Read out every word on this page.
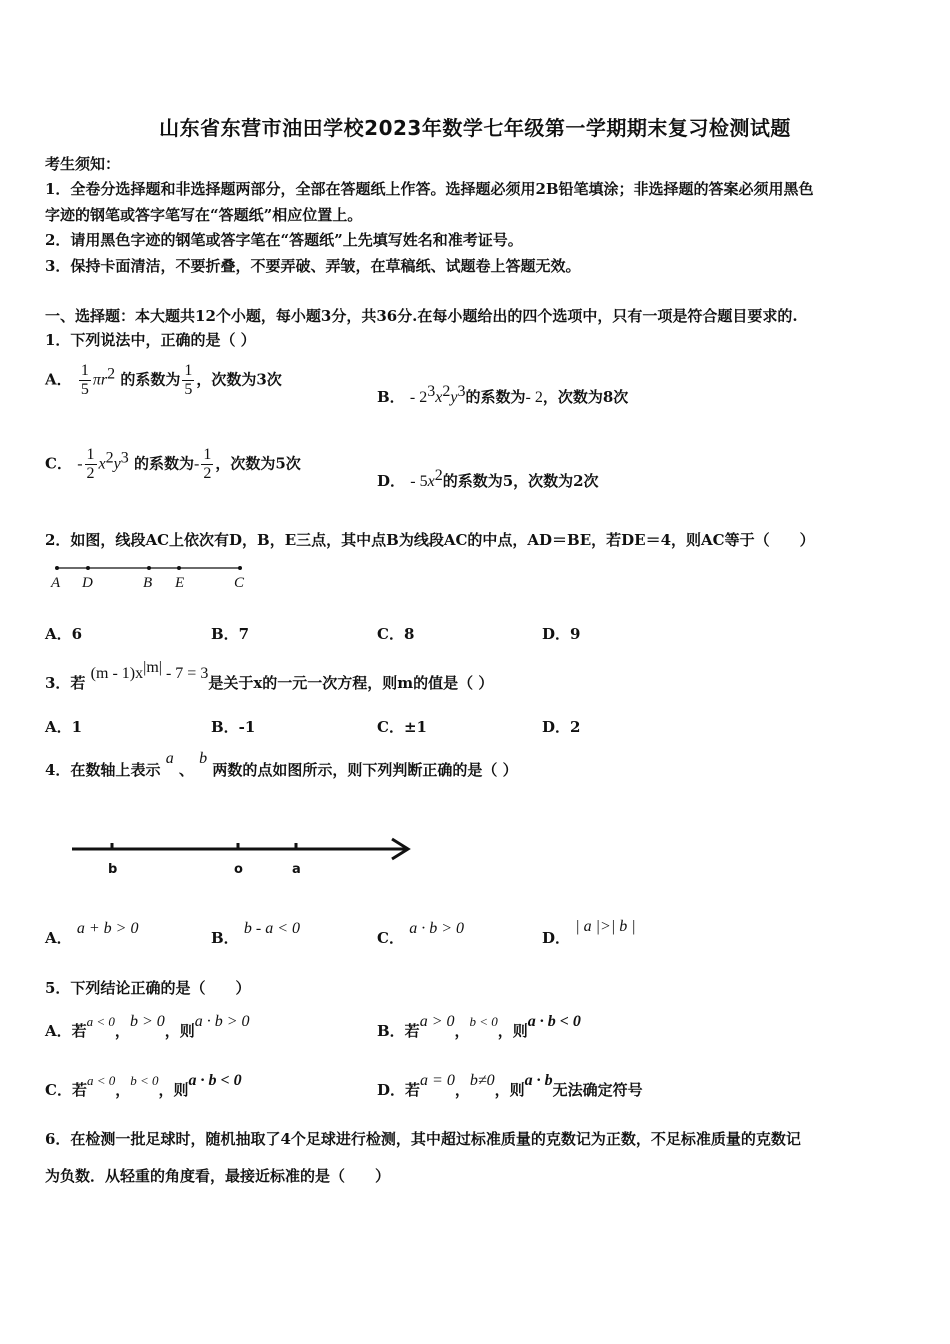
山东省东营市油田学校2023年数学七年级第一学期期末复习检测试题
考生须知：
1．全卷分选择题和非选择题两部分，全部在答题纸上作答。选择题必须用2B铅笔填涂；非选择题的答案必须用黑色
字迹的钢笔或答字笔写在“答题纸”相应位置上。
2．请用黑色字迹的钢笔或答字笔在“答题纸”上先填写姓名和准考证号。
3．保持卡面清洁，不要折叠，不要弄破、弄皱，在草稿纸、试题卷上答题无效。
一、选择题：本大题共12个小题，每小题3分，共36分.在每小题给出的四个选项中，只有一项是符合题目要求的.
1．下列说法中，正确的是（ ）
A． $\frac{1}{5} \pi r^2$ 的系数为 $\frac{1}{5}$ ，次数为3次
B． - $2^3x^2y^3$的系数为- 2，次数为8次
C． - $\frac{1}{2} x^2y^3$ 的系数为- $\frac{1}{2}$ ，次数为5次
D． - $5x^2$的系数为5，次数为2次
2．如图，线段AC上依次有D，B，E三点，其中点B为线段AC的中点，AD＝BE，若DE＝4，则AC等于（　　）
A D	B E	C
A．6	B．7	C．8	D．9
3．若 $(m - 1)x^{|m|} - 7 = 3$是关于x的一元一次方程，则m的值是（ ）
A．1	B．-1	C．±1	D．2
4．在数轴上表示 a 、 b 两数的点如图所示，则下列判断正确的是（ ）
b	o	a
A． a + b > 0
B． b - a < 0
C． a · b > 0
D． | a |>| b |
5．下列结论正确的是（　　）
A．若a < 0，b > 0，则a · b > 0
B．若a > 0，b < 0，则a · b < 0
C．若a < 0，b < 0，则a · b < 0
D．若a = 0，b≠0，则a · b无法确定符号
6．在检测一批足球时，随机抽取了4个足球进行检测，其中超过标准质量的克数记为正数，不足标准质量的克数记
为负数．从轻重的角度看，最接近标准的是（　　）
